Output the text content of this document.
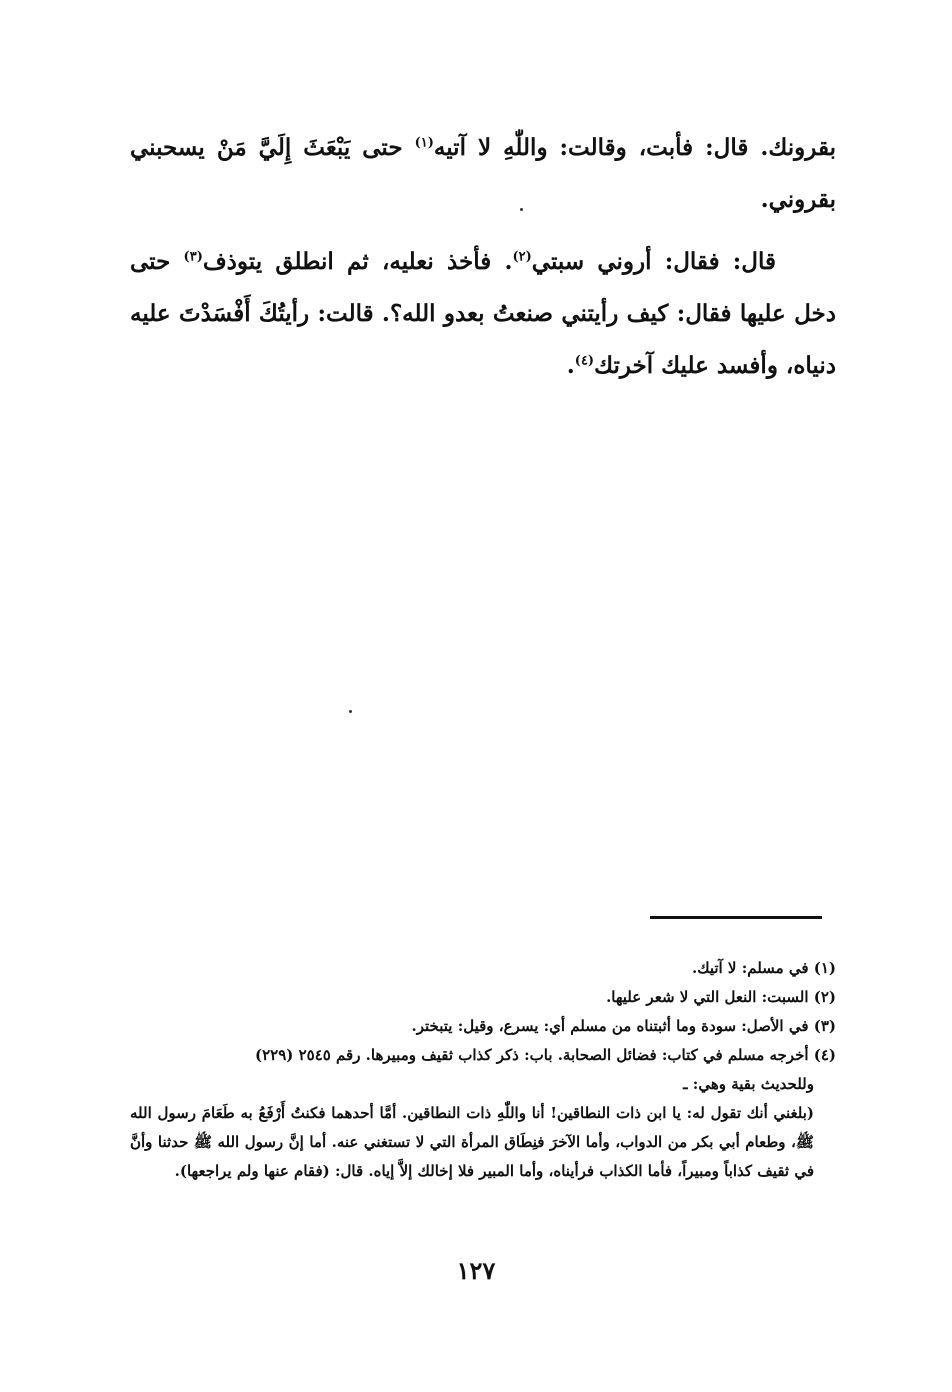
بقرونك. قال: فأبت، وقالت: واللّٰهِ لا آتيه$^{(١)}$ حتى يَبْعَثَ إِلَيَّ مَنْ يسحبني بقروني.

قال: فقال: أروني سبتي$^{(٢)}$. فأخذ نعليه، ثم انطلق يتوذف$^{(٣)}$ حتى دخل عليها فقال: كيف رأيتني صنعتُ بعدو الله؟. قالت: رأيتُكَ أَفْسَدْتَ عليه دنياه، وأفسد عليك آخرتك$^{(٤)}$.

(١) في مسلم: لا آتيك.

(٢) السبت: النعل التي لا شعر عليها.

(٣) في الأصل: سودة وما أثبتناه من مسلم أي: يسرع، وقيل: يتبختر.

(٤) أخرجه مسلم في كتاب: فضائل الصحابة. باب: ذكر كذاب ثقيف ومبيرها. رقم ٢٥٤٥ (٢٢٩)

وللحديث بقية وهي: ـ

(بلغني أنك تقول له: يا ابن ذات النطاقين! أنا واللّٰهِ ذات النطاقين. أمَّا أحدهما فكنتُ أَرْفَعُ به طَعَامَ رسول الله ﷺ، وطعام أبي بكر من الدواب، وأما الآخرَ فنِطَاق المرأة التي لا تستغني عنه. أما إنَّ رسول الله ﷺ حدثنا وأنَّ في ثقيف كذاباً ومبيراً، فأما الكذاب فرأيناه، وأما المبير فلا إخالك إلاَّ إياه. قال: (فقام عنها ولم يراجعها).

١٢٧
